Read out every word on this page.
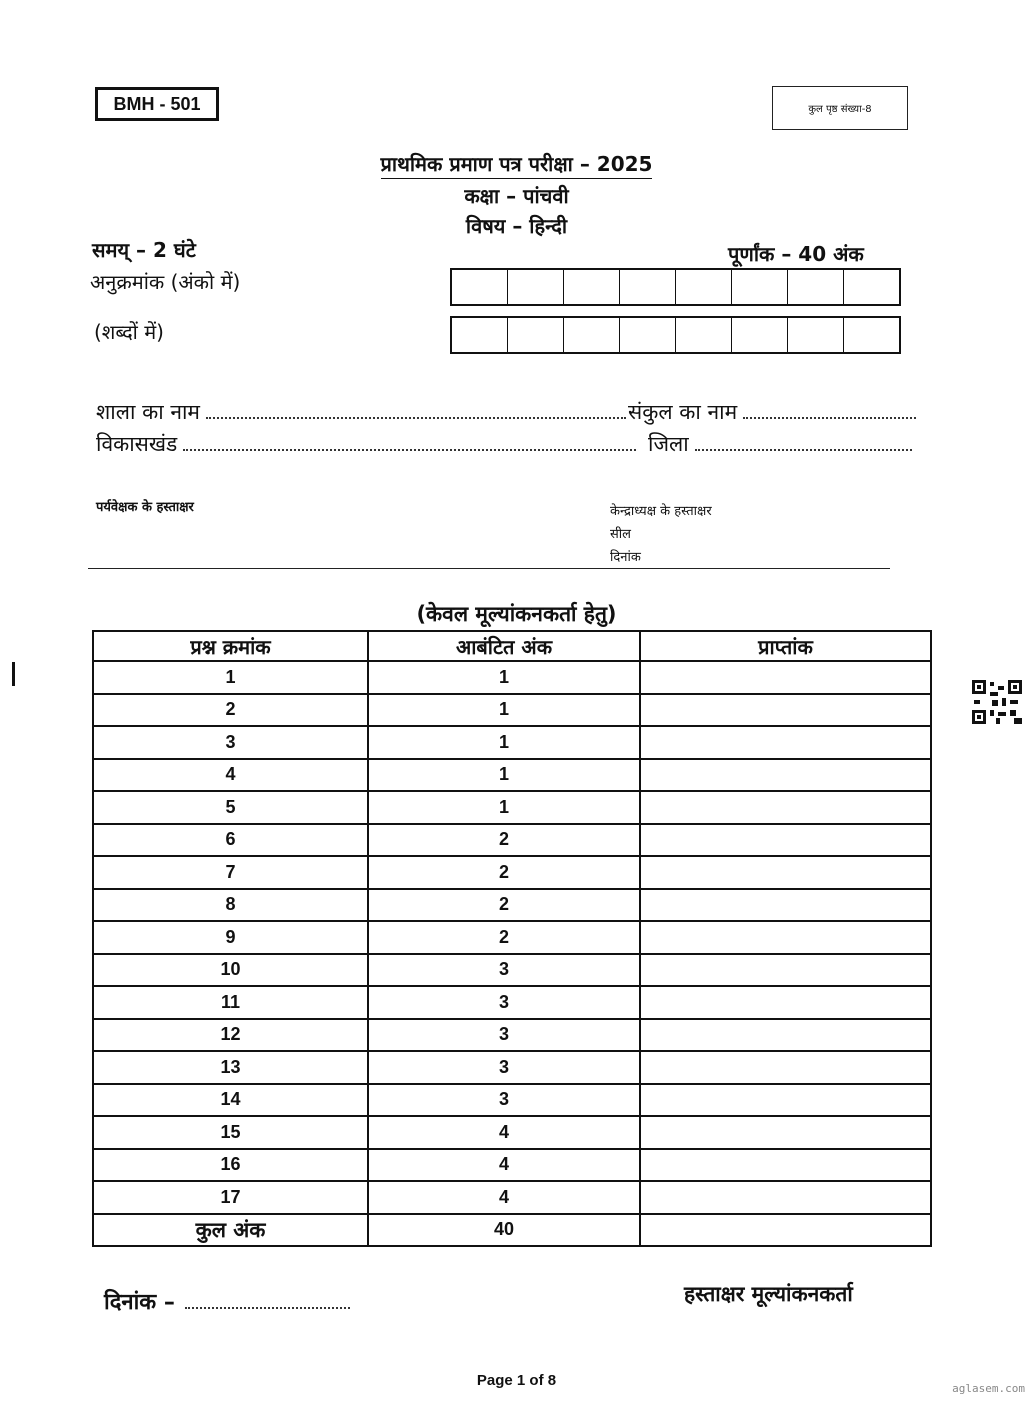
BMH - 501	कुल पृष्ठ संख्या-8
प्राथमिक प्रमाण पत्र परीक्षा – 2025
कक्षा – पांचवी
विषय – हिन्दी
समय् – 2 घंटे	पूर्णांक – 40 अंक
अनुक्रमांक (अंको में)
(शब्दों में)
शाला का नाम	संकुल का नाम
विकासखंड	जिला
पर्यवेक्षक के हस्ताक्षर	केन्द्राध्यक्ष के हस्ताक्षर
सील
दिनांक
(केवल मूल्यांकनकर्ता हेतु)
प्रश्न क्रमांक	आबंटित अंक	प्राप्तांक
1	1	
2	1	
3	1	
4	1	
5	1	
6	2	
7	2	
8	2	
9	2	
10	3	
11	3	
12	3	
13	3	
14	3	
15	4	
16	4	
17	4	
कुल अंक	40	
दिनांक –	हस्ताक्षर मूल्यांकनकर्ता
Page 1 of 8	aglasem.com
